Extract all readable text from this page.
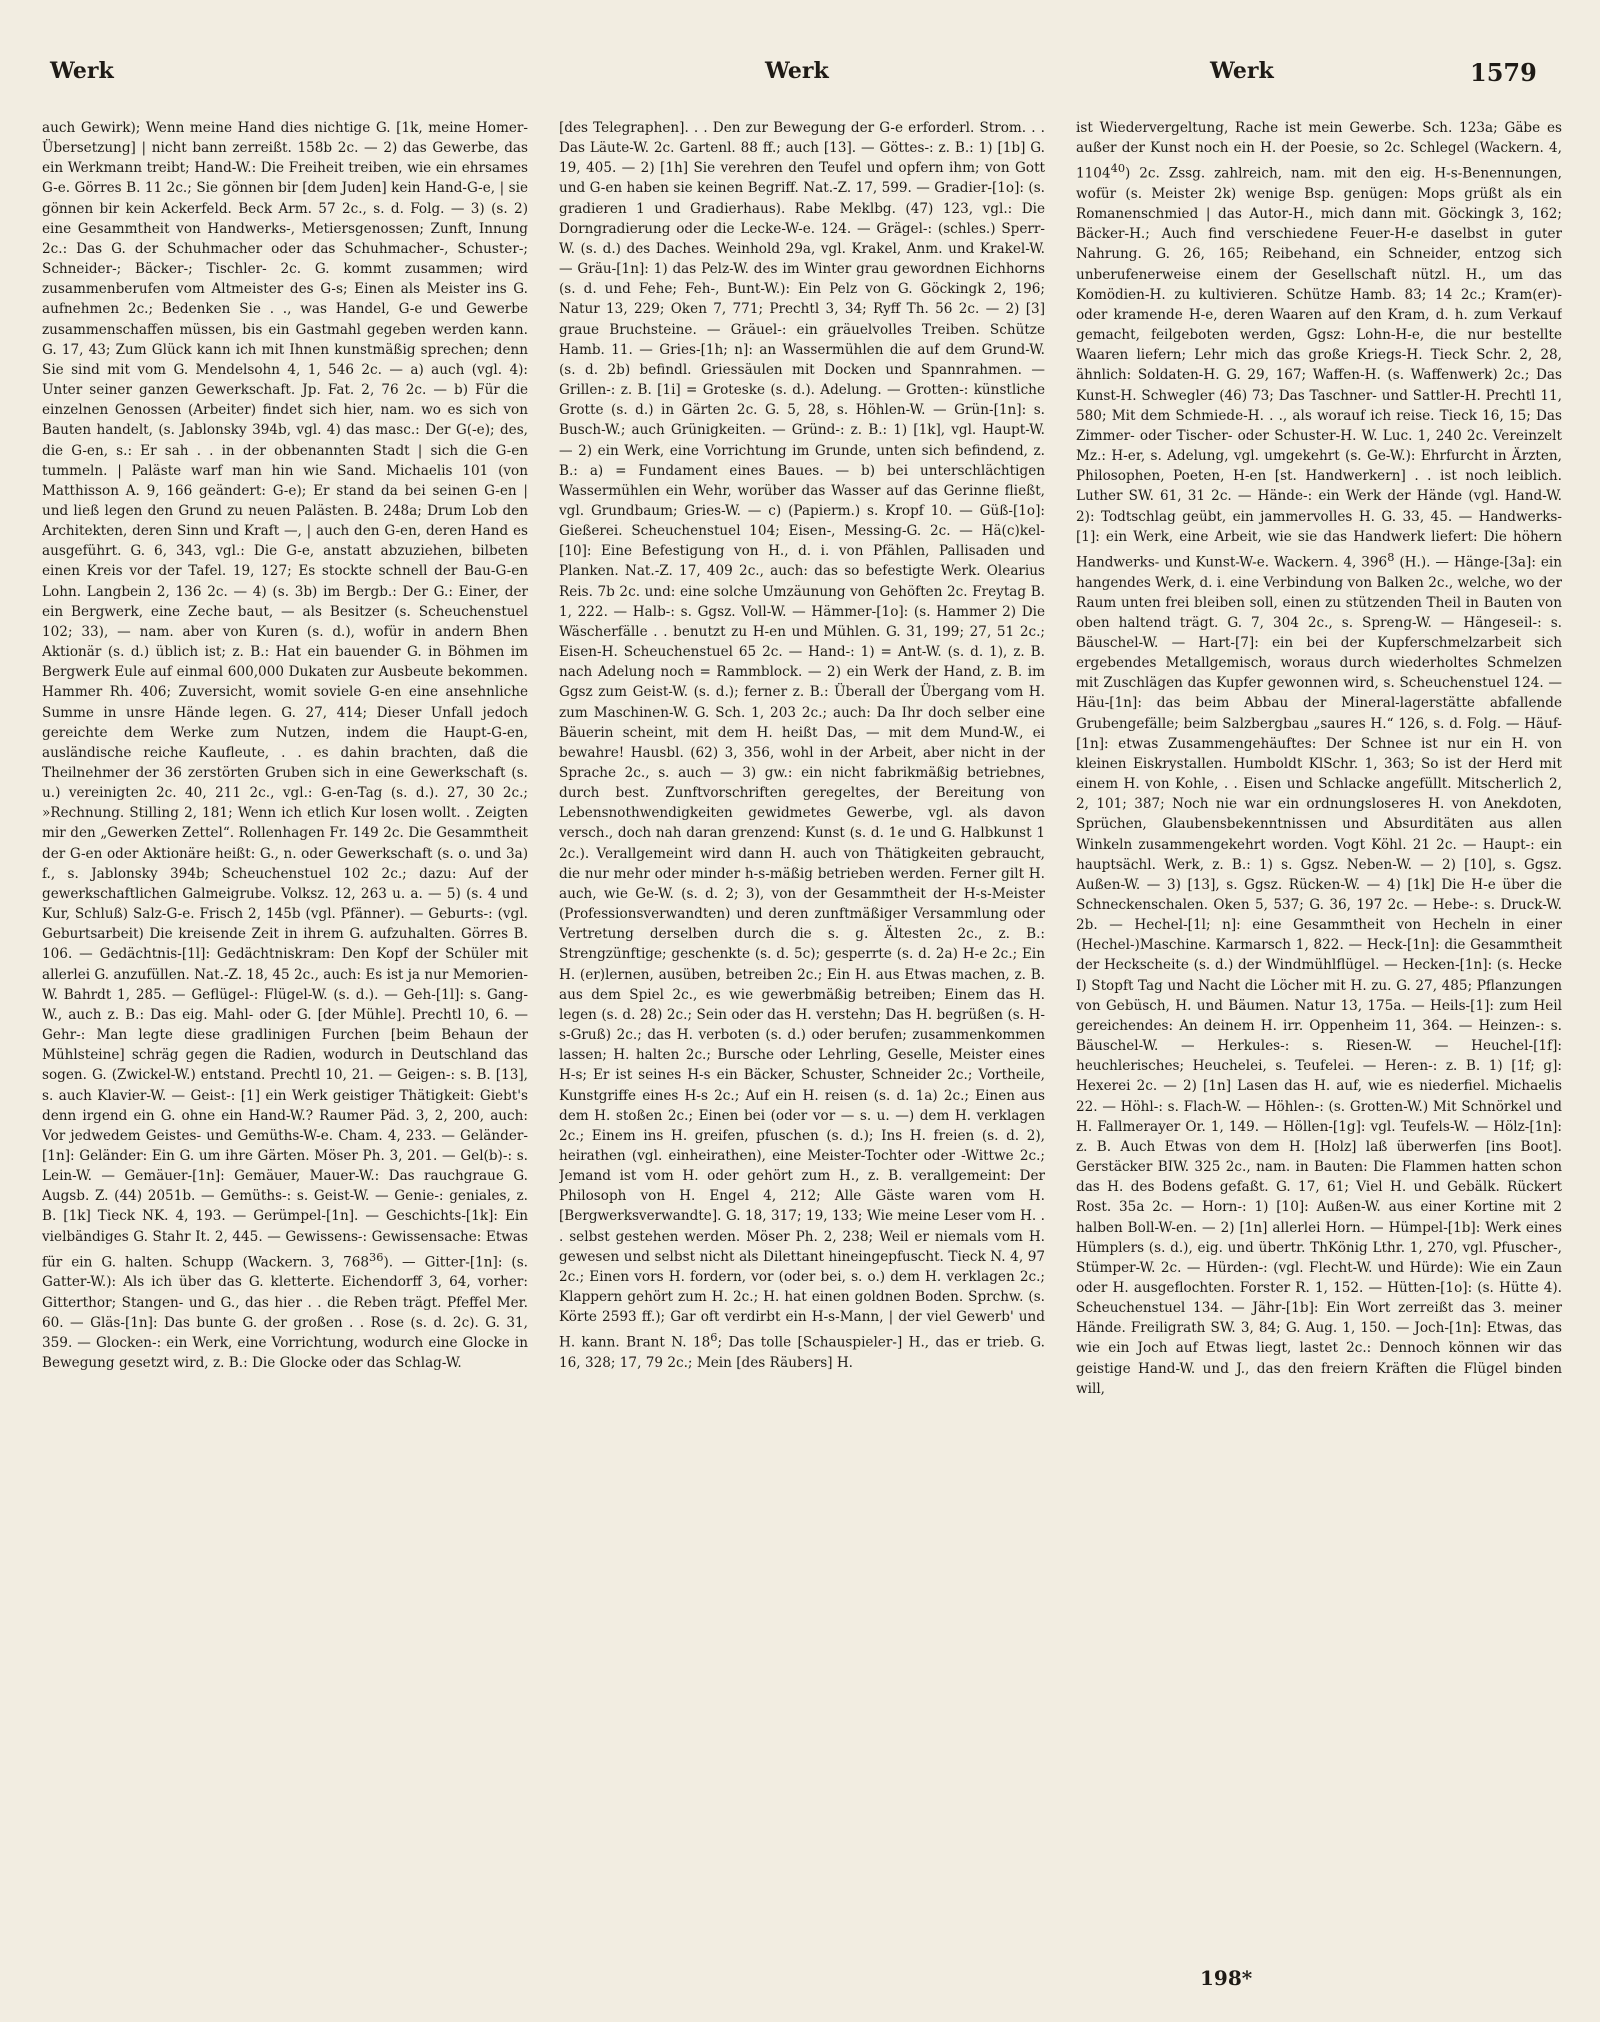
Werk	Werk	Werk	1579

auch Gewirk); Wenn meine Hand dies nichtige G. [1k, meine Homer-Übersetzung] | nicht bann zerreißt. 158b 2c. — 2) das Gewerbe, das ein Werkmann treibt; Hand-W.: Die Freiheit treiben, wie ein ehrsames G-e. Görres B. 11 2c.; Sie gönnen bir [dem Juden] kein Hand-G-e, | sie gönnen bir kein Ackerfeld. Beck Arm. 57 2c., s. d. Folg. — 3) (s. 2) eine Gesammtheit von Handwerks-, Metiersgenossen; Zunft, Innung 2c.: Das G. der Schuhmacher oder das Schuhmacher-, Schuster-; Schneider-; Bäcker-; Tischler- 2c. G. kommt zusammen; wird zusammenberufen vom Altmeister des G-s; Einen als Meister ins G. aufnehmen 2c.; Bedenken Sie . ., was Handel, G-e und Gewerbe zusammenschaffen müssen, bis ein Gastmahl gegeben werden kann. G. 17, 43; Zum Glück kann ich mit Ihnen kunstmäßig sprechen; denn Sie sind mit vom G. Mendelsohn 4, 1, 546 2c. — a) auch (vgl. 4): Unter seiner ganzen Gewerkschaft. Jp. Fat. 2, 76 2c. — b) Für die einzelnen Genossen (Arbeiter) findet sich hier, nam. wo es sich von Bauten handelt, (s. Jablonsky 394b, vgl. 4) das masc.: Der G(-e); des, die G-en, s.: Er sah . . in der obbenannten Stadt | sich die G-en tummeln. | Paläste warf man hin wie Sand. Michaelis 101 (von Matthisson A. 9, 166 geändert: G-e); Er stand da bei seinen G-en | und ließ legen den Grund zu neuen Palästen. B. 248a; Drum Lob den Architekten, deren Sinn und Kraft —, | auch den G-en, deren Hand es ausgeführt. G. 6, 343, vgl.: Die G-e, anstatt abzuziehen, bilbeten einen Kreis vor der Tafel. 19, 127; Es stockte schnell der Bau-G-en Lohn. Langbein 2, 136 2c. — 4) (s. 3b) im Bergb.: Der G.: Einer, der ein Bergwerk, eine Zeche baut, — als Besitzer (s. Scheuchenstuel 102; 33), — nam. aber von Kuren (s. d.), wofür in andern Bhen Aktionär (s. d.) üblich ist; z. B.: Hat ein bauender G. in Böhmen im Bergwerk Eule auf einmal 600,000 Dukaten zur Ausbeute bekommen. Hammer Rh. 406; Zuversicht, womit soviele G-en eine ansehnliche Summe in unsre Hände legen. G. 27, 414; Dieser Unfall jedoch gereichte dem Werke zum Nutzen, indem die Haupt-G-en, ausländische reiche Kaufleute, . . es dahin brachten, daß die Theilnehmer der 36 zerstörten Gruben sich in eine Gewerkschaft (s. u.) vereinigten 2c. 40, 211 2c., vgl.: G-en-Tag (s. d.). 27, 30 2c.; »Rechnung. Stilling 2, 181; Wenn ich etlich Kur losen wollt. . Zeigten mir den „Gewerken Zettel“. Rollenhagen Fr. 149 2c. Die Gesammtheit der G-en oder Aktionäre heißt: G., n. oder Gewerkschaft (s. o. und 3a) f., s. Jablonsky 394b; Scheuchenstuel 102 2c.; dazu: Auf der gewerkschaftlichen Galmeigrube. Volksz. 12, 263 u. a. — 5) (s. 4 und Kur, Schluß) Salz-G-e. Frisch 2, 145b (vgl. Pfänner). — Geburts-: (vgl. Geburtsarbeit) Die kreisende Zeit in ihrem G. aufzuhalten. Görres B. 106. — Gedächtnis-[1l]: Gedächtniskram: Den Kopf der Schüler mit allerlei G. anzufüllen. Nat.-Z. 18, 45 2c., auch: Es ist ja nur Memorien-W. Bahrdt 1, 285. — Geflügel-: Flügel-W. (s. d.). — Geh-[1l]: s. Gang-W., auch z. B.: Das eig. Mahl- oder G. [der Mühle]. Prechtl 10, 6. — Gehr-: Man legte diese gradlinigen Furchen [beim Behaun der Mühlsteine] schräg gegen die Radien, wodurch in Deutschland das sogen. G. (Zwickel-W.) entstand. Prechtl 10, 21. — Geigen-: s. B. [13], s. auch Klavier-W. — Geist-: [1] ein Werk geistiger Thätigkeit: Giebt's denn irgend ein G. ohne ein Hand-W.? Raumer Päd. 3, 2, 200, auch: Vor jedwedem Geistes- und Gemüths-W-e. Cham. 4, 233. — Geländer-[1n]: Geländer: Ein G. um ihre Gärten. Möser Ph. 3, 201. — Gel(b)-: s. Lein-W. — Gemäuer-[1n]: Gemäuer, Mauer-W.: Das rauchgraue G. Augsb. Z. (44) 2051b. — Gemüths-: s. Geist-W. — Genie-: geniales, z. B. [1k] Tieck NK. 4, 193. — Gerümpel-[1n]. — Geschichts-[1k]: Ein vielbändiges G. Stahr It. 2, 445. — Gewissens-: Gewissensache: Etwas für ein G. halten. Schupp (Wackern. 3, $768^{36}$). — Gitter-[1n]: (s. Gatter-W.): Als ich über das G. kletterte. Eichendorff 3, 64, vorher: Gitterthor; Stangen- und G., das hier . . die Reben trägt. Pfeffel Mer. 60. — Gläs-[1n]: Das bunte G. der großen . . Rose (s. d. 2c). G. 31, 359. — Glocken-: ein Werk, eine Vorrichtung, wodurch eine Glocke in Bewegung gesetzt wird, z. B.: Die Glocke oder das Schlag-W.

[des Telegraphen]. . . Den zur Bewegung der G-e erforderl. Strom. . . Das Läute-W. 2c. Gartenl. 88 ff.; auch [13]. — Göttes-: z. B.: 1) [1b] G. 19, 405. — 2) [1h] Sie verehren den Teufel und opfern ihm; von Gott und G-en haben sie keinen Begriff. Nat.-Z. 17, 599. — Gradier-[1o]: (s. gradieren 1 und Gradierhaus). Rabe Meklbg. (47) 123, vgl.: Die Dorngradierung oder die Lecke-W-e. 124. — Grägel-: (schles.) Sperr-W. (s. d.) des Daches. Weinhold 29a, vgl. Krakel, Anm. und Krakel-W. — Gräu-[1n]: 1) das Pelz-W. des im Winter grau gewordnen Eichhorns (s. d. und Fehe; Feh-, Bunt-W.): Ein Pelz von G. Göckingk 2, 196; Natur 13, 229; Oken 7, 771; Prechtl 3, 34; Ryff Th. 56 2c. — 2) [3] graue Bruchsteine. — Gräuel-: ein gräuelvolles Treiben. Schütze Hamb. 11. — Gries-[1h; n]: an Wassermühlen die auf dem Grund-W. (s. d. 2b) befindl. Griessäulen mit Docken und Spannrahmen. — Grillen-: z. B. [1i] = Groteske (s. d.). Adelung. — Grotten-: künstliche Grotte (s. d.) in Gärten 2c. G. 5, 28, s. Höhlen-W. — Grün-[1n]: s. Busch-W.; auch Grünigkeiten. — Gründ-: z. B.: 1) [1k], vgl. Haupt-W. — 2) ein Werk, eine Vorrichtung im Grunde, unten sich befindend, z. B.: a) = Fundament eines Baues. — b) bei unterschlächtigen Wassermühlen ein Wehr, worüber das Wasser auf das Gerinne fließt, vgl. Grundbaum; Gries-W. — c) (Papierm.) s. Kropf 10. — Güß-[1o]: Gießerei. Scheuchenstuel 104; Eisen-, Messing-G. 2c. — Hä(c)kel-[10]: Eine Befestigung von H., d. i. von Pfählen, Pallisaden und Planken. Nat.-Z. 17, 409 2c., auch: das so befestigte Werk. Olearius Reis. 7b 2c. und: eine solche Umzäunung von Gehöften 2c. Freytag B. 1, 222. — Halb-: s. Ggsz. Voll-W. — Hämmer-[1o]: (s. Hammer 2) Die Wäscherfälle . . benutzt zu H-en und Mühlen. G. 31, 199; 27, 51 2c.; Eisen-H. Scheuchenstuel 65 2c. — Hand-: 1) = Ant-W. (s. d. 1), z. B. nach Adelung noch = Rammblock. — 2) ein Werk der Hand, z. B. im Ggsz zum Geist-W. (s. d.); ferner z. B.: Überall der Übergang vom H. zum Maschinen-W. G. Sch. 1, 203 2c.; auch: Da Ihr doch selber eine Bäuerin scheint, mit dem H. heißt Das, — mit dem Mund-W., ei bewahre! Hausbl. (62) 3, 356, wohl in der Arbeit, aber nicht in der Sprache 2c., s. auch — 3) gw.: ein nicht fabrikmäßig betriebnes, durch best. Zunftvorschriften geregeltes, der Bereitung von Lebensnothwendigkeiten gewidmetes Gewerbe, vgl. als davon versch., doch nah daran grenzend: Kunst (s. d. 1e und G. Halbkunst 1 2c.). Verallgemeint wird dann H. auch von Thätigkeiten gebraucht, die nur mehr oder minder h-s-mäßig betrieben werden. Ferner gilt H. auch, wie Ge-W. (s. d. 2; 3), von der Gesammtheit der H-s-Meister (Professionsverwandten) und deren zunftmäßiger Versammlung oder Vertretung derselben durch die s. g. Ältesten 2c., z. B.: Strengzünftige; geschenkte (s. d. 5c); gesperrte (s. d. 2a) H-e 2c.; Ein H. (er)lernen, ausüben, betreiben 2c.; Ein H. aus Etwas machen, z. B. aus dem Spiel 2c., es wie gewerbmäßig betreiben; Einem das H. legen (s. d. 28) 2c.; Sein oder das H. verstehn; Das H. begrüßen (s. H-s-Gruß) 2c.; das H. verboten (s. d.) oder berufen; zusammenkommen lassen; H. halten 2c.; Bursche oder Lehrling, Geselle, Meister eines H-s; Er ist seines H-s ein Bäcker, Schuster, Schneider 2c.; Vortheile, Kunstgriffe eines H-s 2c.; Auf ein H. reisen (s. d. 1a) 2c.; Einen aus dem H. stoßen 2c.; Einen bei (oder vor — s. u. —) dem H. verklagen 2c.; Einem ins H. greifen, pfuschen (s. d.); Ins H. freien (s. d. 2), heirathen (vgl. einheirathen), eine Meister-Tochter oder -Wittwe 2c.; Jemand ist vom H. oder gehört zum H., z. B. verallgemeint: Der Philosoph von H. Engel 4, 212; Alle Gäste waren vom H. [Bergwerksverwandte]. G. 18, 317; 19, 133; Wie meine Leser vom H. . . selbst gestehen werden. Möser Ph. 2, 238; Weil er niemals vom H. gewesen und selbst nicht als Dilettant hineingepfuscht. Tieck N. 4, 97 2c.; Einen vors H. fordern, vor (oder bei, s. o.) dem H. verklagen 2c.; Klappern gehört zum H. 2c.; H. hat einen goldnen Boden. Sprchw. (s. Körte 2593 ff.); Gar oft verdirbt ein H-s-Mann, | der viel Gewerb' und H. kann. Brant N. $18^6$; Das tolle [Schauspieler-] H., das er trieb. G. 16, 328; 17, 79 2c.; Mein [des Räubers] H.

ist Wiedervergeltung, Rache ist mein Gewerbe. Sch. 123a; Gäbe es außer der Kunst noch ein H. der Poesie, so 2c. Schlegel (Wackern. 4, 1104$^{40}$) 2c. Zssg. zahlreich, nam. mit den eig. H-s-Benennungen, wofür (s. Meister 2k) wenige Bsp. genügen: Mops grüßt als ein Romanenschmied | das Autor-H., mich dann mit. Göckingk 3, 162; Bäcker-H.; Auch find verschiedene Feuer-H-e daselbst in guter Nahrung. G. 26, 165; Reibehand, ein Schneider, entzog sich unberufenerweise einem der Gesellschaft nützl. H., um das Komödien-H. zu kultivieren. Schütze Hamb. 83; 14 2c.; Kram(er)- oder kramende H-e, deren Waaren auf den Kram, d. h. zum Verkauf gemacht, feilgeboten werden, Ggsz: Lohn-H-e, die nur bestellte Waaren liefern; Lehr mich das große Kriegs-H. Tieck Schr. 2, 28, ähnlich: Soldaten-H. G. 29, 167; Waffen-H. (s. Waffenwerk) 2c.; Das Kunst-H. Schwegler (46) 73; Das Taschner- und Sattler-H. Prechtl 11, 580; Mit dem Schmiede-H. . ., als worauf ich reise. Tieck 16, 15; Das Zimmer- oder Tischer- oder Schuster-H. W. Luc. 1, 240 2c. Vereinzelt Mz.: H-er, s. Adelung, vgl. umgekehrt (s. Ge-W.): Ehrfurcht in Ärzten, Philosophen, Poeten, H-en [st. Handwerkern] . . ist noch leiblich. Luther SW. 61, 31 2c. — Hände-: ein Werk der Hände (vgl. Hand-W. 2): Todtschlag geübt, ein jammervolles H. G. 33, 45. — Handwerks-[1]: ein Werk, eine Arbeit, wie sie das Handwerk liefert: Die höhern Handwerks- und Kunst-W-e. Wackern. 4, $396^8$ (H.). — Hänge-[3a]: ein hangendes Werk, d. i. eine Verbindung von Balken 2c., welche, wo der Raum unten frei bleiben soll, einen zu stützenden Theil in Bauten von oben haltend trägt. G. 7, 304 2c., s. Spreng-W. — Hängeseil-: s. Bäuschel-W. — Hart-[7]: ein bei der Kupferschmelzarbeit sich ergebendes Metallgemisch, woraus durch wiederholtes Schmelzen mit Zuschlägen das Kupfer gewonnen wird, s. Scheuchenstuel 124. — Häu-[1n]: das beim Abbau der Mineral-lagerstätte abfallende Grubengefälle; beim Salzbergbau „saures H.“ 126, s. d. Folg. — Häuf-[1n]: etwas Zusammengehäuftes: Der Schnee ist nur ein H. von kleinen Eiskrystallen. Humboldt KlSchr. 1, 363; So ist der Herd mit einem H. von Kohle, . . Eisen und Schlacke angefüllt. Mitscherlich 2, 2, 101; 387; Noch nie war ein ordnungsloseres H. von Anekdoten, Sprüchen, Glaubensbekenntnissen und Absurditäten aus allen Winkeln zusammengekehrt worden. Vogt Köhl. 21 2c. — Haupt-: ein hauptsächl. Werk, z. B.: 1) s. Ggsz. Neben-W. — 2) [10], s. Ggsz. Außen-W. — 3) [13], s. Ggsz. Rücken-W. — 4) [1k] Die H-e über die Schneckenschalen. Oken 5, 537; G. 36, 197 2c. — Hebe-: s. Druck-W. 2b. — Hechel-[1l; n]: eine Gesammtheit von Hecheln in einer (Hechel-)Maschine. Karmarsch 1, 822. — Heck-[1n]: die Gesammtheit der Heckscheite (s. d.) der Windmühlflügel. — Hecken-[1n]: (s. Hecke I) Stopft Tag und Nacht die Löcher mit H. zu. G. 27, 485; Pflanzungen von Gebüsch, H. und Bäumen. Natur 13, 175a. — Heils-[1]: zum Heil gereichendes: An deinem H. irr. Oppenheim 11, 364. — Heinzen-: s. Bäuschel-W. — Herkules-: s. Riesen-W. — Heuchel-[1f]: heuchlerisches; Heuchelei, s. Teufelei. — Heren-: z. B. 1) [1f; g]: Hexerei 2c. — 2) [1n] Lasen das H. auf, wie es niederfiel. Michaelis 22. — Höhl-: s. Flach-W. — Höhlen-: (s. Grotten-W.) Mit Schnörkel und H. Fallmerayer Or. 1, 149. — Höllen-[1g]: vgl. Teufels-W. — Hölz-[1n]: z. B. Auch Etwas von dem H. [Holz] laß überwerfen [ins Boot]. Gerstäcker BIW. 325 2c., nam. in Bauten: Die Flammen hatten schon das H. des Bodens gefaßt. G. 17, 61; Viel H. und Gebälk. Rückert Rost. 35a 2c. — Horn-: 1) [10]: Außen-W. aus einer Kortine mit 2 halben Boll-W-en. — 2) [1n] allerlei Horn. — Hümpel-[1b]: Werk eines Hümplers (s. d.), eig. und übertr. ThKönig Lthr. 1, 270, vgl. Pfuscher-, Stümper-W. 2c. — Hürden-: (vgl. Flecht-W. und Hürde): Wie ein Zaun oder H. ausgeflochten. Forster R. 1, 152. — Hütten-[1o]: (s. Hütte 4). Scheuchenstuel 134. — Jähr-[1b]: Ein Wort zerreißt das 3. meiner Hände. Freiligrath SW. 3, 84; G. Aug. 1, 150. — Joch-[1n]: Etwas, das wie ein Joch auf Etwas liegt, lastet 2c.: Dennoch können wir das geistige Hand-W. und J., das den freiern Kräften die Flügel binden will,

198*
